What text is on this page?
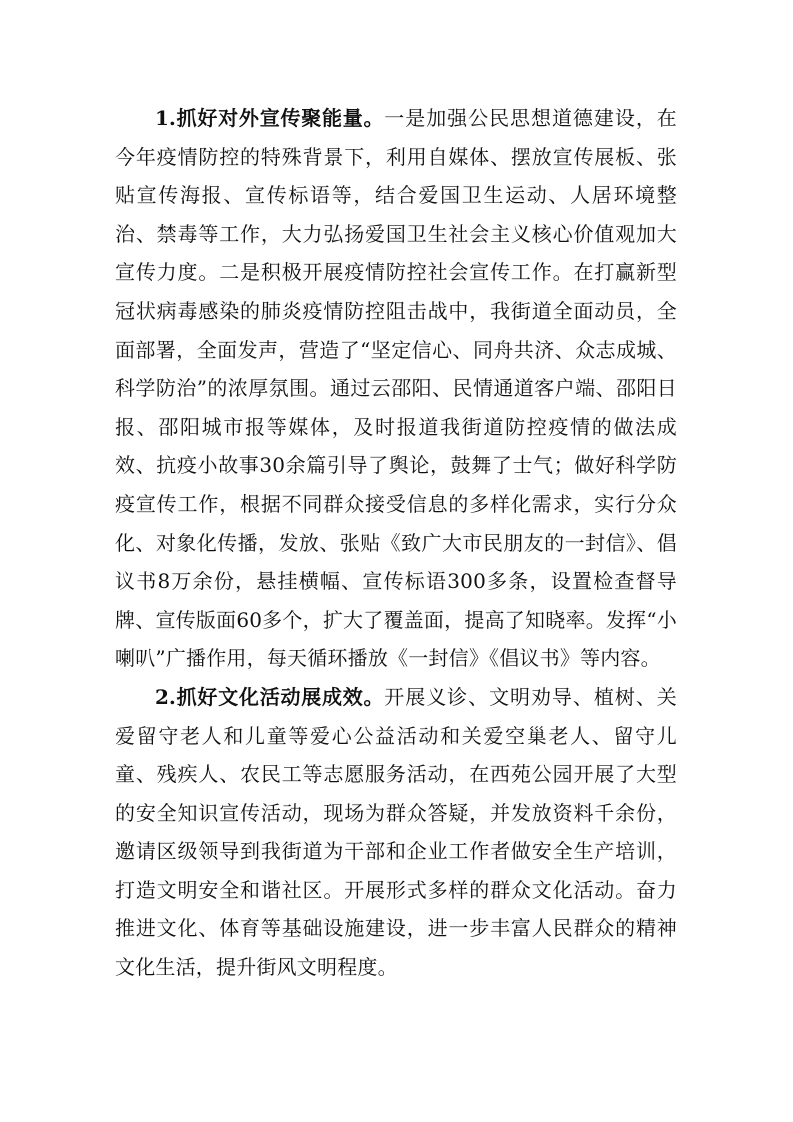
1.抓好对外宣传聚能量。一是加强公民思想道德建设，在今年疫情防控的特殊背景下，利用自媒体、摆放宣传展板、张贴宣传海报、宣传标语等，结合爱国卫生运动、人居环境整治、禁毒等工作，大力弘扬爱国卫生社会主义核心价值观加大宣传力度。二是积极开展疫情防控社会宣传工作。在打赢新型冠状病毒感染的肺炎疫情防控阻击战中，我街道全面动员，全面部署，全面发声，营造了“坚定信心、同舟共济、众志成城、科学防治”的浓厚氛围。通过云邵阳、民情通道客户端、邵阳日报、邵阳城市报等媒体，及时报道我街道防控疫情的做法成效、抗疫小故事30余篇引导了舆论，鼓舞了士气；做好科学防疫宣传工作，根据不同群众接受信息的多样化需求，实行分众化、对象化传播，发放、张贴《致广大市民朋友的一封信》、倡议书8万余份，悬挂横幅、宣传标语300多条，设置检查督导牌、宣传版面60多个，扩大了覆盖面，提高了知晓率。发挥“小喇叭”广播作用，每天循环播放《一封信》《倡议书》等内容。

2.抓好文化活动展成效。开展义诊、文明劝导、植树、关爱留守老人和儿童等爱心公益活动和关爱空巢老人、留守儿童、残疾人、农民工等志愿服务活动，在西苑公园开展了大型的安全知识宣传活动，现场为群众答疑，并发放资料千余份，邀请区级领导到我街道为干部和企业工作者做安全生产培训，打造文明安全和谐社区。开展形式多样的群众文化活动。奋力推进文化、体育等基础设施建设，进一步丰富人民群众的精神文化生活，提升街风文明程度。
